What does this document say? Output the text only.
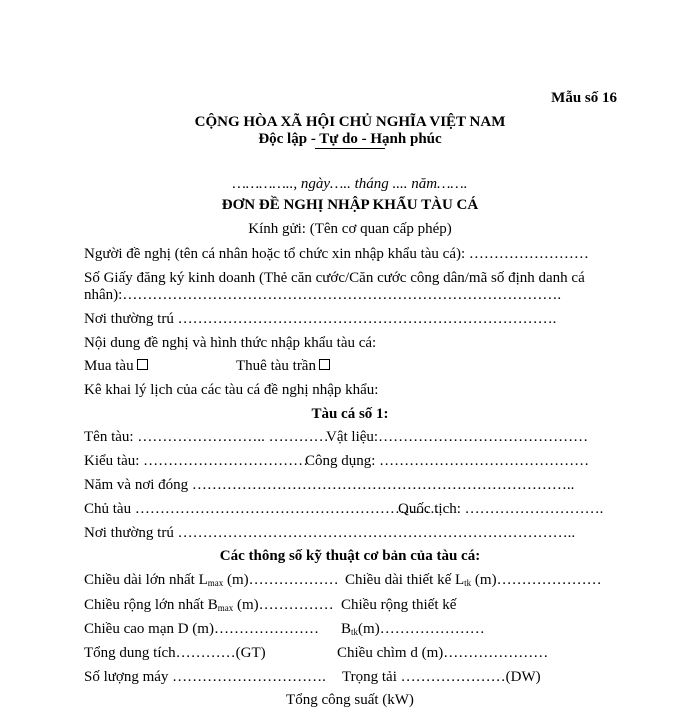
Mẫu số 16
CỘNG HÒA XÃ HỘI CHỦ NGHĨA VIỆT NAM
Độc lập - Tự do - Hạnh phúc
………….., ngày….. tháng .... năm…….
ĐƠN ĐỀ NGHỊ NHẬP KHẨU TÀU CÁ
Kính gửi: (Tên cơ quan cấp phép)
Người đề nghị (tên cá nhân hoặc tổ chức xin nhập khẩu tàu cá): ……………………
Số Giấy đăng ký kinh doanh (Thẻ căn cước/Căn cước công dân/mã số định danh cá
nhân):…………………………………………………………………………….
Nơi thường trú ………………………………………………………………….
Nội dung đề nghị và hình thức nhập khẩu tàu cá:
Mua tàu	Thuê tàu trần
Kê khai lý lịch của các tàu cá đề nghị nhập khẩu:
Tàu cá số 1:
Tên tàu: …………………….. …………
Vật liệu:……………………………………
Kiểu tàu: ……………………………
Công dụng: ……………………………………
Năm và nơi đóng …………………………………………………………………..
Chủ tàu …………………………………………………….
Quốc tịch: ……………………….
Nơi thường trú ……………………………………………………………………..
Các thông số kỹ thuật cơ bản của tàu cá:
Chiều dài lớn nhất $L_{max}$ (m)……………… Chiều dài thiết kế $L_{tk}$ (m)…………………
Chiều rộng lớn nhất $B_{max}$ (m)…………… Chiều rộng thiết kế
Chiều cao mạn D (m)………………… $B_{tk}(m)\dots\dots\dots\dots\dots\dots\dots$
Tổng dung tích…………(GT)	Chiều chìm d (m)…………………
Số lượng máy …………………………. Trọng tải …………………(DW)
Tổng công suất (kW)
